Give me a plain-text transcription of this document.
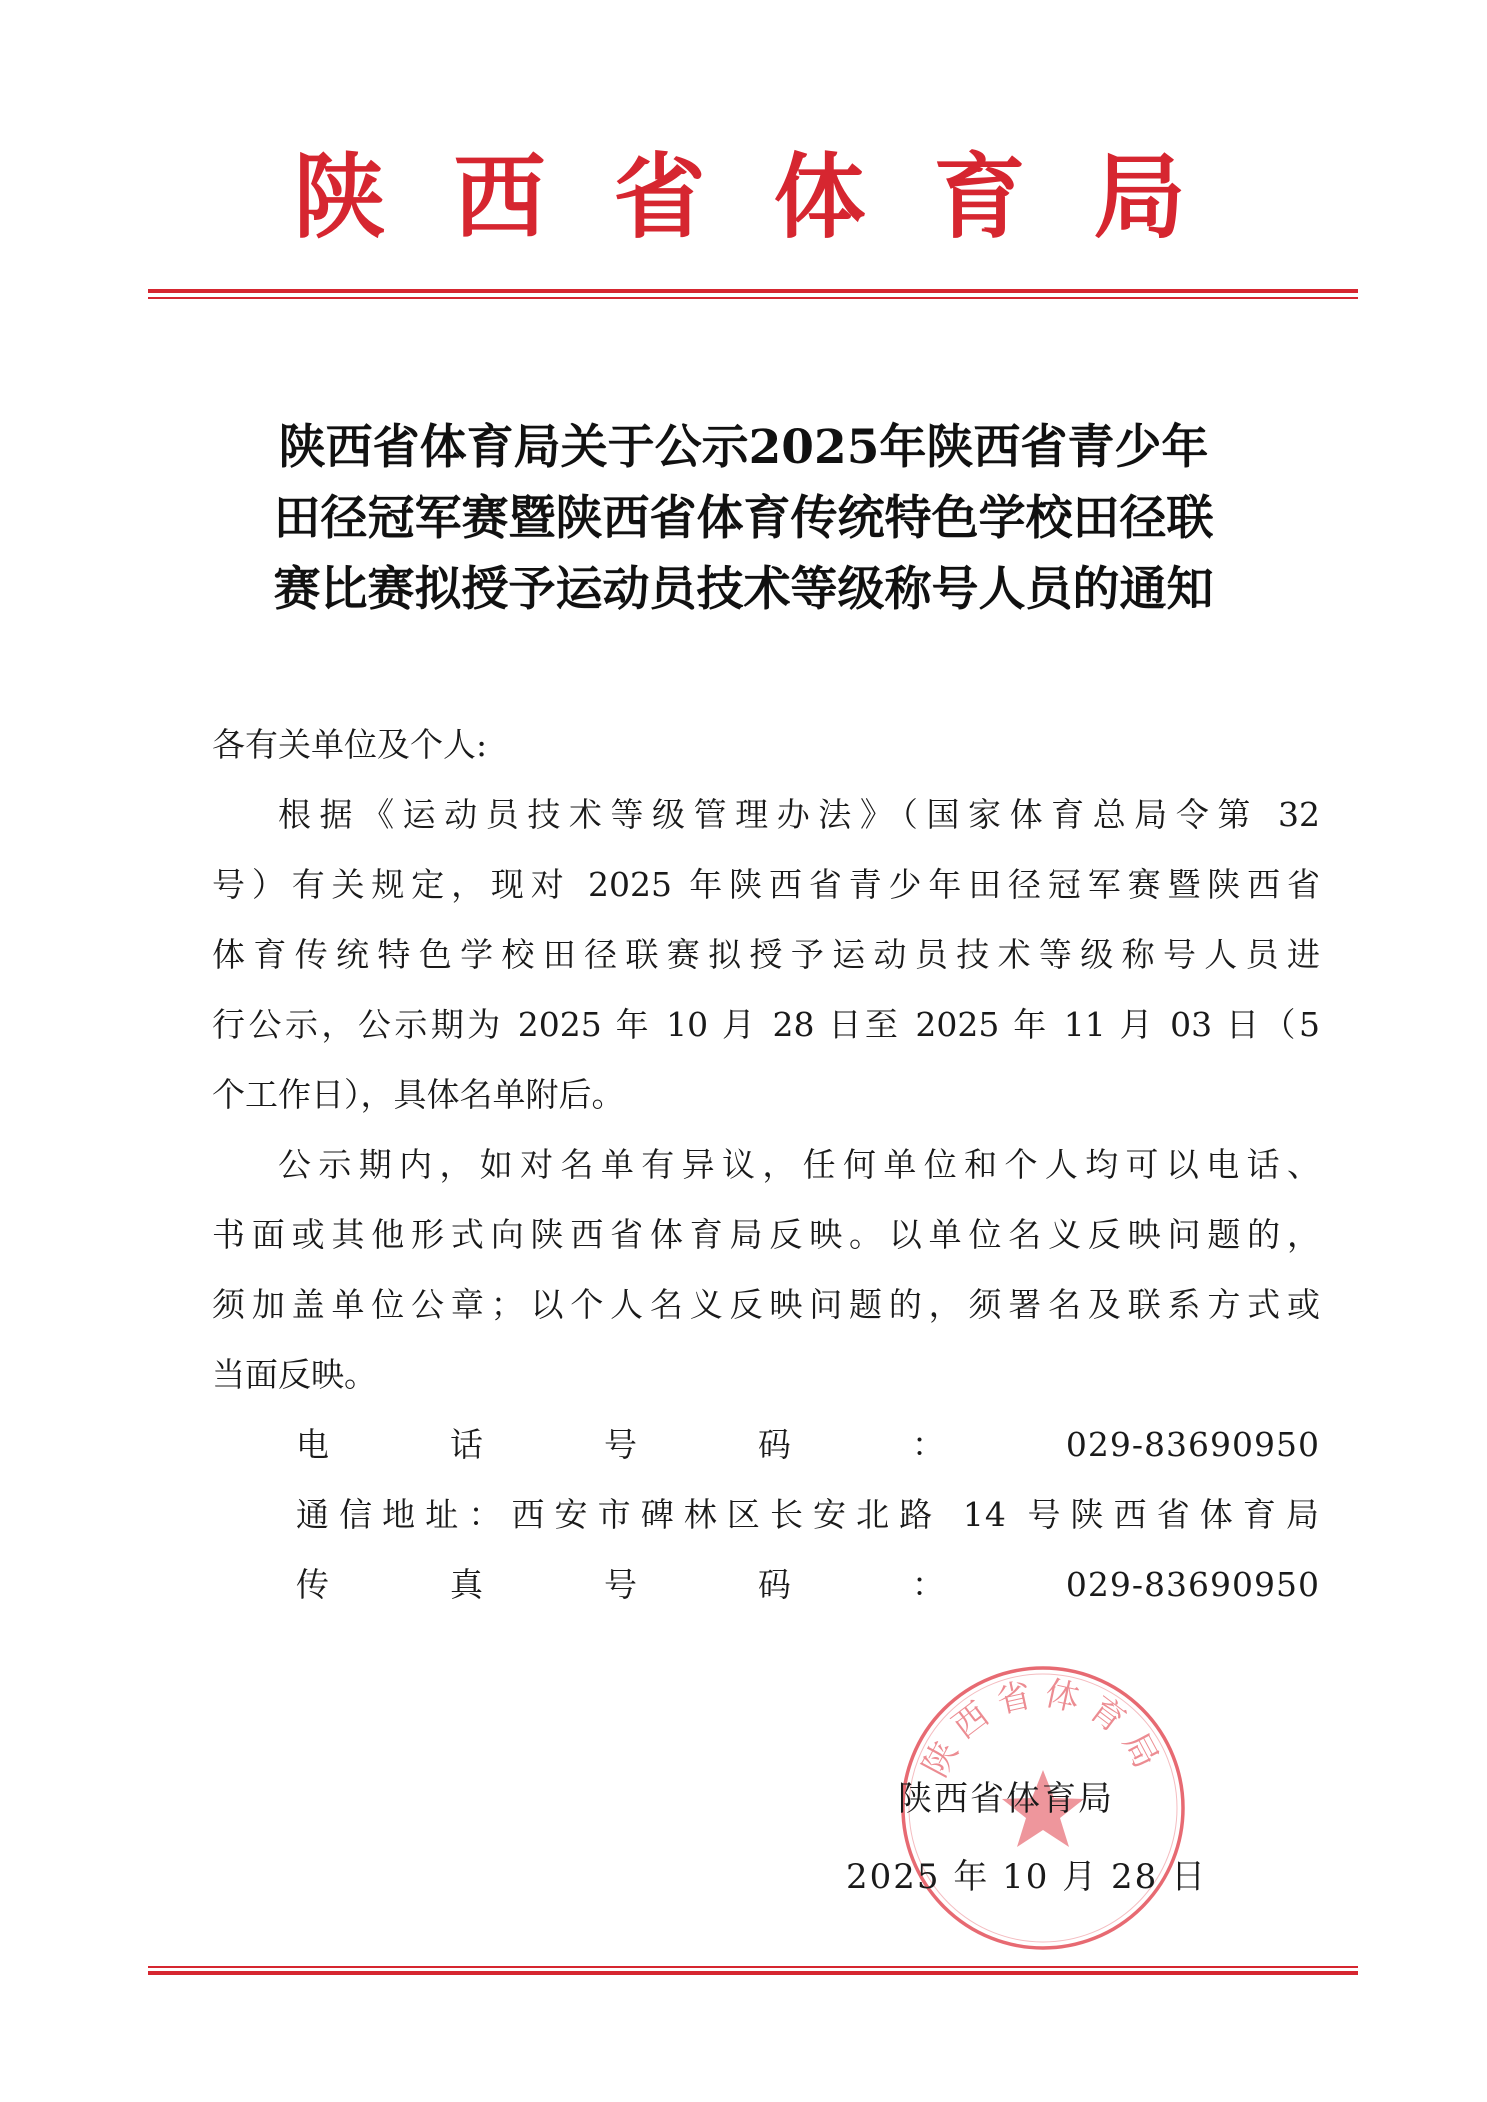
陕西省体育局
陕西省体育局关于公示2025年陕西省青少年
田径冠军赛暨陕西省体育传统特色学校田径联
赛比赛拟授予运动员技术等级称号人员的通知

各有关单位及个人:

根据《运动员技术等级管理办法》（国家体育总局令第 32

号）有关规定，现对 2025 年陕西省青少年田径冠军赛暨陕西省

体育传统特色学校田径联赛拟授予运动员技术等级称号人员进

行公示，公示期为 2025 年 10 月 28 日至 2025 年 11 月 03 日（5

个工作日），具体名单附后。

公示期内，如对名单有异议，任何单位和个人均可以电话、

书面或其他形式向陕西省体育局反映。以单位名义反映问题的，

须加盖单位公章；以个人名义反映问题的，须署名及联系方式或

当面反映。

电话号码：029-83690950

通信地址：西安市碑林区长安北路 14 号陕西省体育局

传真号码：029-83690950

陕西省体育局
陕西省体育局
2025 年 10 月 28 日
